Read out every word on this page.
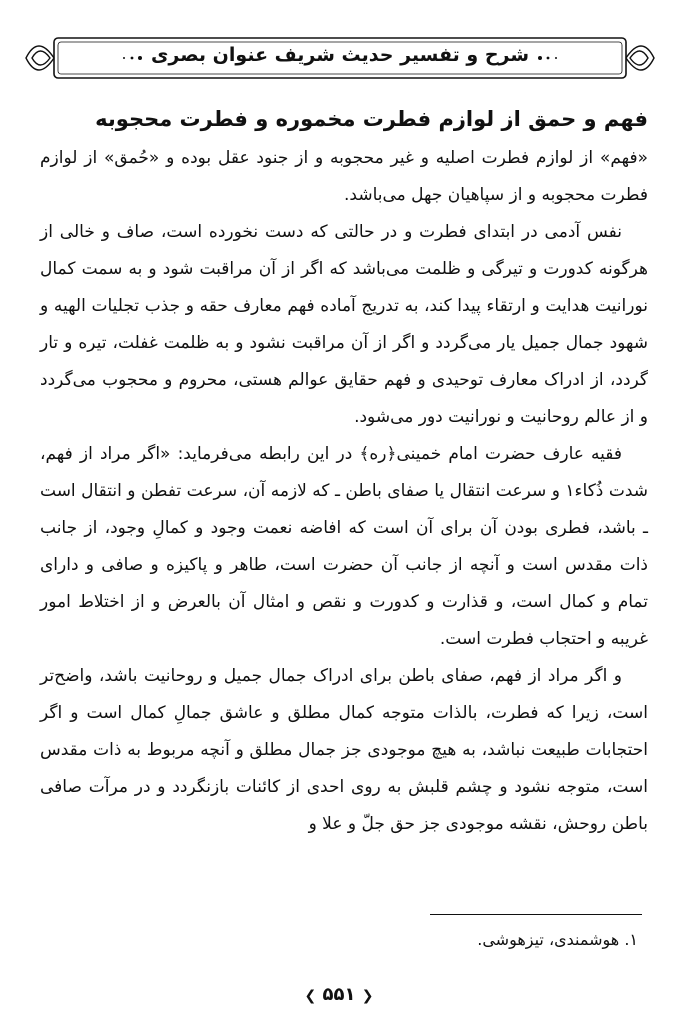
شرح و تفسیر حدیث شریف عنوان بصری
فهم و حمق از لوازم فطرت مخموره و فطرت محجوبه

«فهم» از لوازم فطرت اصلیه و غیر محجوبه و از جنود عقل بوده و «حُمق» از لوازم فطرت محجوبه و از سپاهیان جهل می‌باشد.

نفس آدمی در ابتدای فطرت و در حالتی که دست نخورده است، صاف و خالی از هرگونه کدورت و تیرگی و ظلمت می‌باشد که اگر از آن مراقبت شود و به سمت کمال نورانیت هدایت و ارتقاء پیدا کند، به تدریج آماده فهم معارف حقه و جذب تجلیات الهیه و شهود جمال جمیل یار می‌گردد و اگر از آن مراقبت نشود و به ظلمت غفلت، تیره و تار گردد، از ادراک معارف توحیدی و فهم حقایق عوالم هستی، محروم و محجوب می‌گردد و از عالم روحانیت و نورانیت دور می‌شود.

فقیه عارف حضرت امام خمینی﴿ره﴾ در این رابطه می‌فرماید: «اگر مراد از فهم، شدت ذُکاء۱ و سرعت انتقال یا صفای باطن ـ که لازمه آن، سرعت تفطن و انتقال است ـ باشد، فطری بودن آن برای آن است که افاضه نعمت وجود و کمالِ وجود، از جانب ذات مقدس است و آنچه از جانب آن حضرت است، طاهر و پاکیزه و صافی و دارای تمام و کمال است، و قذارت و کدورت و نقص و امثال آن بالعرض و از اختلاط امور غریبه و احتجاب فطرت است.

و اگر مراد از فهم، صفای باطن برای ادراک جمال جمیل و روحانیت باشد، واضح‌تر است، زیرا که فطرت، بالذات متوجه کمال مطلق و عاشق جمالِ کمال است و اگر احتجابات طبیعت نباشد، به هیچ موجودی جز جمال مطلق و آنچه مربوط به ذات مقدس است، متوجه نشود و چشم قلبش به روی احدی از کائنات بازنگردد و در مرآت صافی باطن روحش، نقشه موجودی جز حق جلّ و علا و

۱. هوشمندی، تیزهوشی.
❮ ۵۵۱ ❯
